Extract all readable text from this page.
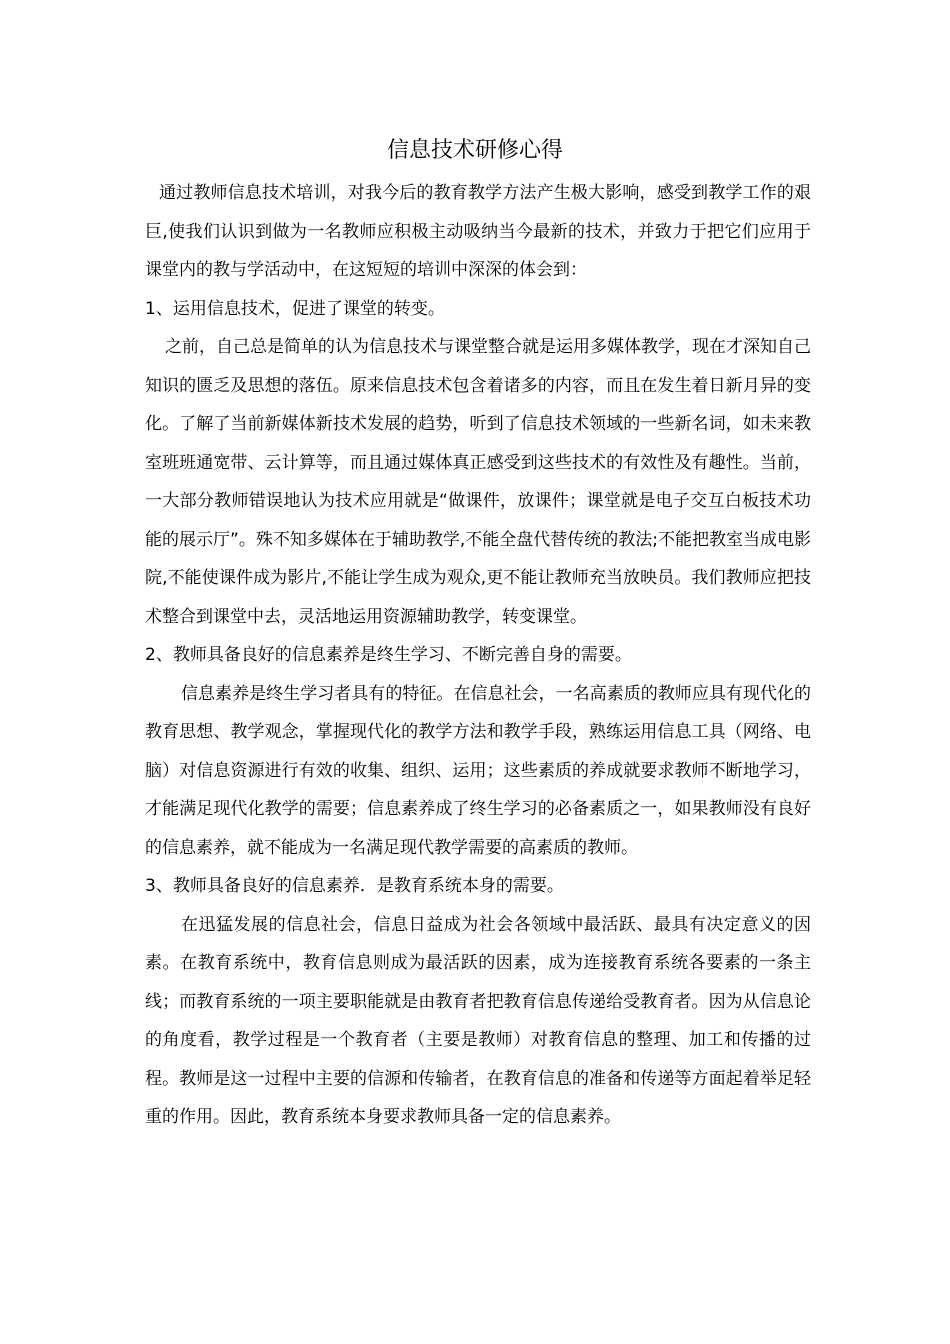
信息技术研修心得

通过教师信息技术培训，对我今后的教育教学方法产生极大影响，感受到教学工作的艰巨,使我们认识到做为一名教师应积极主动吸纳当今最新的技术，并致力于把它们应用于课堂内的教与学活动中，在这短短的培训中深深的体会到：

1、运用信息技术，促进了课堂的转变。

之前，自己总是简单的认为信息技术与课堂整合就是运用多媒体教学，现在才深知自己知识的匮乏及思想的落伍。原来信息技术包含着诸多的内容，而且在发生着日新月异的变化。了解了当前新媒体新技术发展的趋势，听到了信息技术领域的一些新名词，如未来教室班班通宽带、云计算等，而且通过媒体真正感受到这些技术的有效性及有趣性。当前，一大部分教师错误地认为技术应用就是“做课件，放课件；课堂就是电子交互白板技术功能的展示厅”。殊不知多媒体在于辅助教学,不能全盘代替传统的教法;不能把教室当成电影院,不能使课件成为影片,不能让学生成为观众,更不能让教师充当放映员。我们教师应把技术整合到课堂中去，灵活地运用资源辅助教学，转变课堂。

2、教师具备良好的信息素养是终生学习、不断完善自身的需要。

信息素养是终生学习者具有的特征。在信息社会，一名高素质的教师应具有现代化的教育思想、教学观念，掌握现代化的教学方法和教学手段，熟练运用信息工具（网络、电脑）对信息资源进行有效的收集、组织、运用；这些素质的养成就要求教师不断地学习，才能满足现代化教学的需要；信息素养成了终生学习的必备素质之一，如果教师没有良好的信息素养，就不能成为一名满足现代教学需要的高素质的教师。

3、教师具备良好的信息素养．是教育系统本身的需要。

在迅猛发展的信息社会，信息日益成为社会各领域中最活跃、最具有决定意义的因素。在教育系统中，教育信息则成为最活跃的因素，成为连接教育系统各要素的一条主线；而教育系统的一项主要职能就是由教育者把教育信息传递给受教育者。因为从信息论的角度看，教学过程是一个教育者（主要是教师）对教育信息的整理、加工和传播的过程。教师是这一过程中主要的信源和传输者，在教育信息的准备和传递等方面起着举足轻重的作用。因此，教育系统本身要求教师具备一定的信息素养。
